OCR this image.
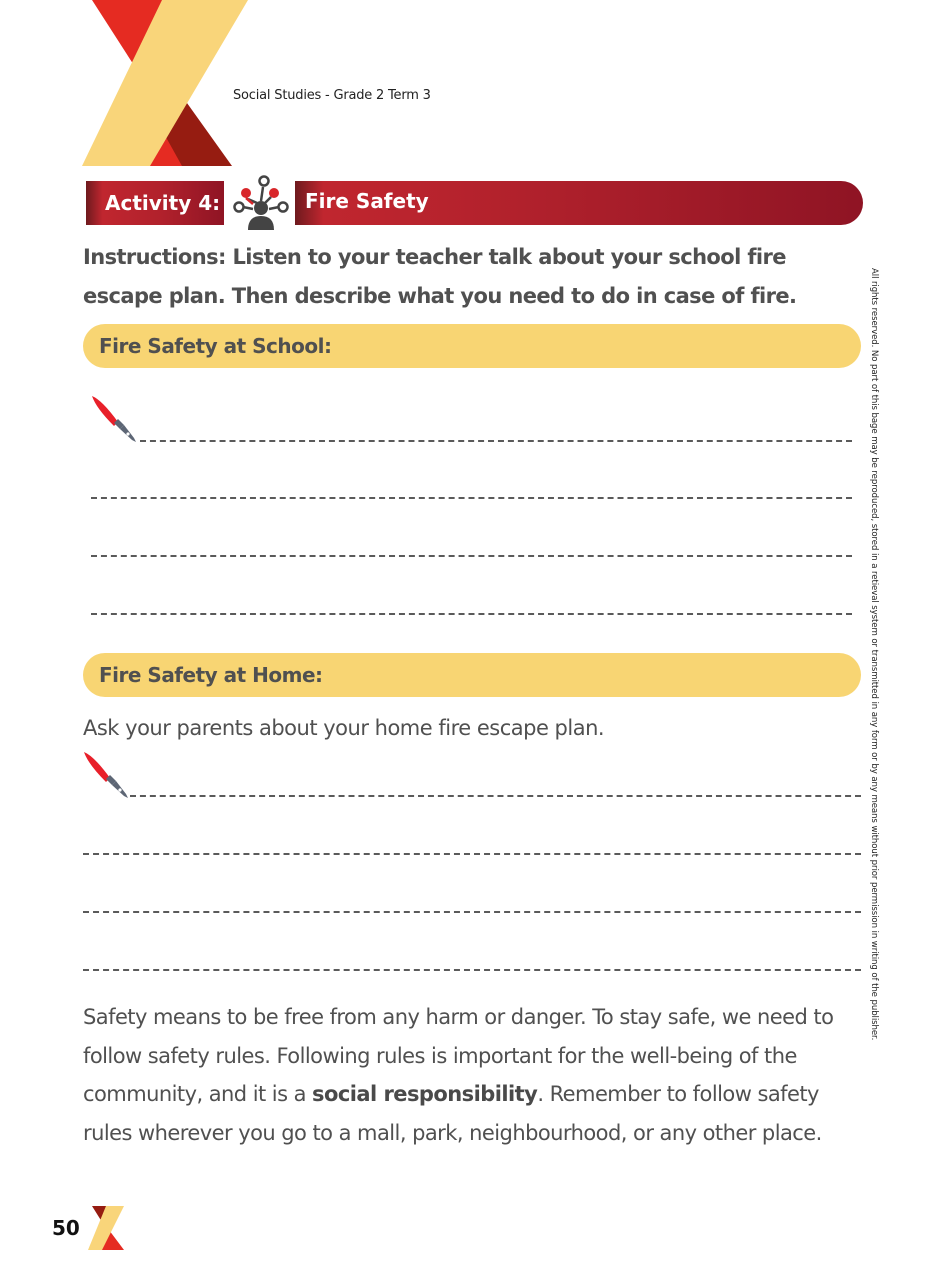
Social Studies - Grade 2 Term 3
Activity 4:	Fire Safety
Instructions: Listen to your teacher talk about your school fire escape plan. Then describe what you need to do in case of fire.
Fire Safety at School:
Fire Safety at Home:
Ask your parents about your home fire escape plan.
Safety means to be free from any harm or danger. To stay safe, we need to follow safety rules. Following rules is important for the well-being of the community, and it is a social responsibility. Remember to follow safety rules wherever you go to a mall, park, neighbourhood, or any other place.
All rights reserved. No part of this bage may be reproduced, stored in a retieval system or transmitted in any form or by any means without prior permission in writing of the publisher.
50
